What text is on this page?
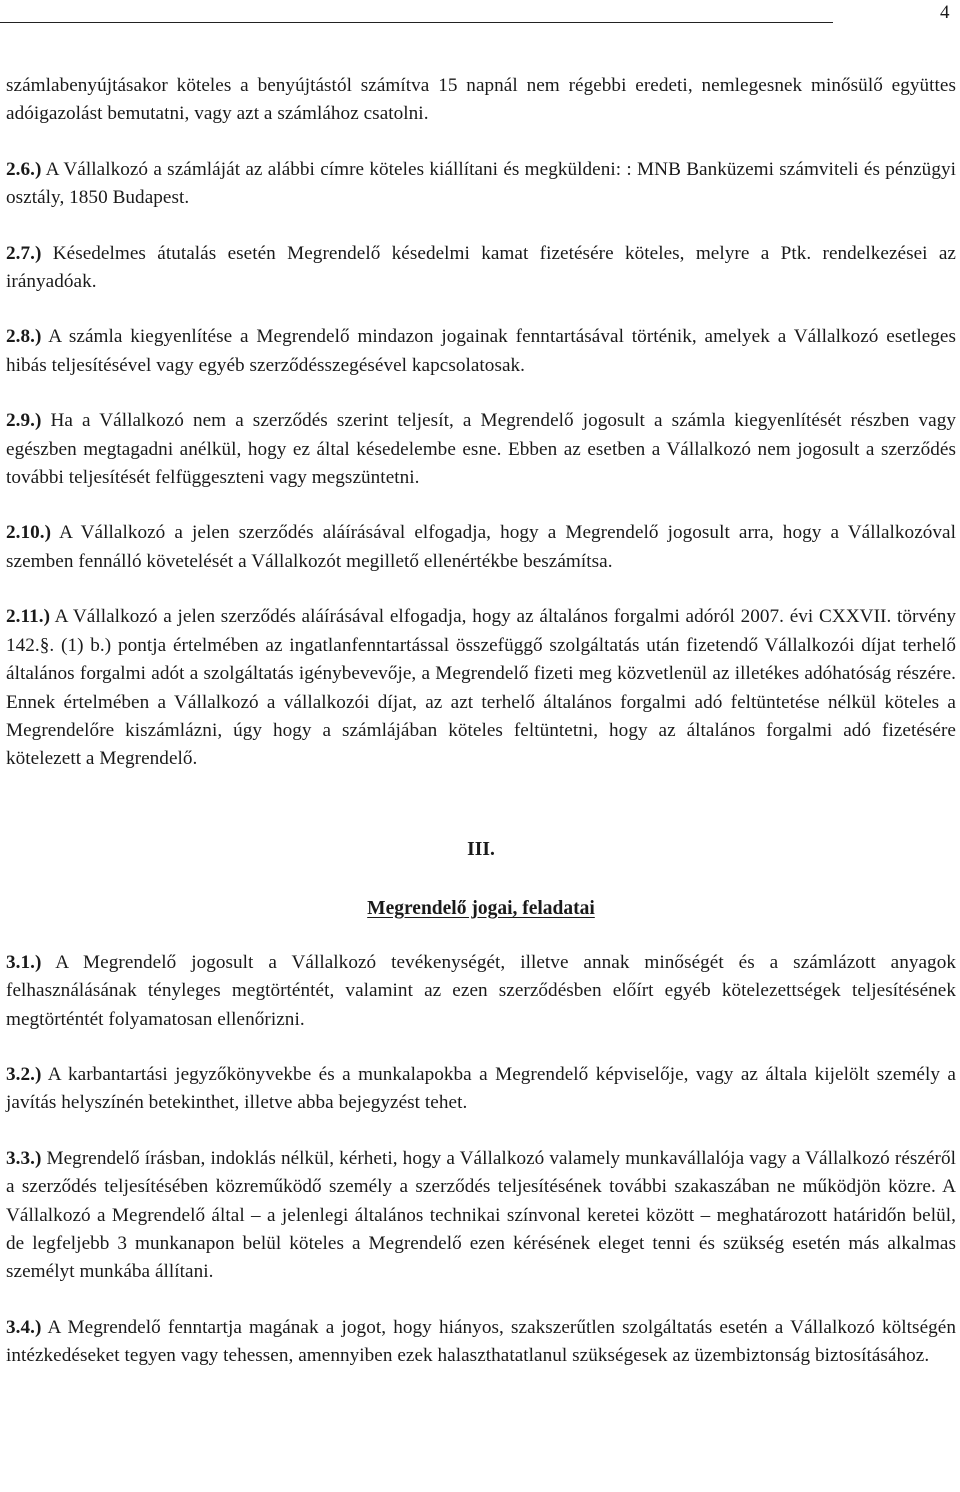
4

számlabenyújtásakor köteles a benyújtástól számítva 15 napnál nem régebbi eredeti, nemlegesnek minősülő együttes adóigazolást bemutatni, vagy azt a számlához csatolni.

2.6.) A Vállalkozó a számláját az alábbi címre köteles kiállítani és megküldeni: : MNB Banküzemi számviteli és pénzügyi osztály, 1850 Budapest.

2.7.) Késedelmes átutalás esetén Megrendelő késedelmi kamat fizetésére köteles, melyre a Ptk. rendelkezései az irányadóak.

2.8.) A számla kiegyenlítése a Megrendelő mindazon jogainak fenntartásával történik, amelyek a Vállalkozó esetleges hibás teljesítésével vagy egyéb szerződésszegésével kapcsolatosak.

2.9.) Ha a Vállalkozó nem a szerződés szerint teljesít, a Megrendelő jogosult a számla kiegyenlítését részben vagy egészben megtagadni anélkül, hogy ez által késedelembe esne. Ebben az esetben a Vállalkozó nem jogosult a szerződés további teljesítését felfüggeszteni vagy megszüntetni.

2.10.) A Vállalkozó a jelen szerződés aláírásával elfogadja, hogy a Megrendelő jogosult arra, hogy a Vállalkozóval szemben fennálló követelését a Vállalkozót megillető ellenértékbe beszámítsa.

2.11.) A Vállalkozó a jelen szerződés aláírásával elfogadja, hogy az általános forgalmi adóról 2007. évi CXXVII. törvény 142.§. (1) b.) pontja értelmében az ingatlanfenntartással összefüggő szolgáltatás után fizetendő Vállalkozói díjat terhelő általános forgalmi adót a szolgáltatás igénybevevője, a Megrendelő fizeti meg közvetlenül az illetékes adóhatóság részére. Ennek értelmében a Vállalkozó a vállalkozói díjat, az azt terhelő általános forgalmi adó feltüntetése nélkül köteles a Megrendelőre kiszámlázni, úgy hogy a számlájában köteles feltüntetni, hogy az általános forgalmi adó fizetésére kötelezett a Megrendelő.

III.
Megrendelő jogai, feladatai

3.1.) A Megrendelő jogosult a Vállalkozó tevékenységét, illetve annak minőségét és a számlázott anyagok felhasználásának tényleges megtörténtét, valamint az ezen szerződésben előírt egyéb kötelezettségek teljesítésének megtörténtét folyamatosan ellenőrizni.

3.2.) A karbantartási jegyzőkönyvekbe és a munkalapokba a Megrendelő képviselője, vagy az általa kijelölt személy a javítás helyszínén betekinthet, illetve abba bejegyzést tehet.

3.3.) Megrendelő írásban, indoklás nélkül, kérheti, hogy a Vállalkozó valamely munkavállalója vagy a Vállalkozó részéről a szerződés teljesítésében közreműködő személy a szerződés teljesítésének további szakaszában ne működjön közre. A Vállalkozó a Megrendelő által – a jelenlegi általános technikai színvonal keretei között – meghatározott határidőn belül, de legfeljebb 3 munkanapon belül köteles a Megrendelő ezen kérésének eleget tenni és szükség esetén más alkalmas személyt munkába állítani.

3.4.) A Megrendelő fenntartja magának a jogot, hogy hiányos, szakszerűtlen szolgáltatás esetén a Vállalkozó költségén intézkedéseket tegyen vagy tehessen, amennyiben ezek halaszthatatlanul szükségesek az üzembiztonság biztosításához.
